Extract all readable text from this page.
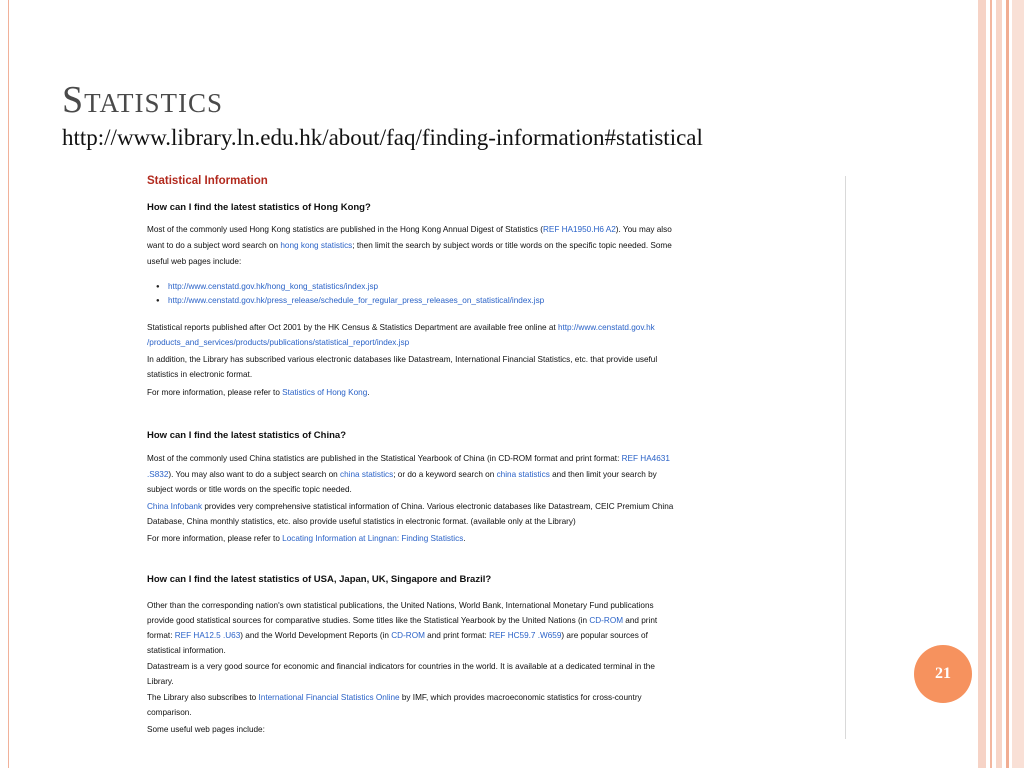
Statistics
http://www.library.ln.edu.hk/about/faq/finding-information#statistical
Statistical Information
How can I find the latest statistics of Hong Kong?
Most of the commonly used Hong Kong statistics are published in the Hong Kong Annual Digest of Statistics (REF HA1950.H6 A2). You may also
want to do a subject word search on hong kong statistics; then limit the search by subject words or title words on the specific topic needed. Some
useful web pages include:
● http://www.censtatd.gov.hk/hong_kong_statistics/index.jsp
● http://www.censtatd.gov.hk/press_release/schedule_for_regular_press_releases_on_statistical/index.jsp
Statistical reports published after Oct 2001 by the HK Census & Statistics Department are available free online at http://www.censtatd.gov.hk
/products_and_services/products/publications/statistical_report/index.jsp
In addition, the Library has subscribed various electronic databases like Datastream, International Financial Statistics, etc. that provide useful
statistics in electronic format.
For more information, please refer to Statistics of Hong Kong.
How can I find the latest statistics of China?
Most of the commonly used China statistics are published in the Statistical Yearbook of China (in CD-ROM format and print format: REF HA4631
.S832). You may also want to do a subject search on china statistics; or do a keyword search on china statistics and then limit your search by
subject words or title words on the specific topic needed.
China Infobank provides very comprehensive statistical information of China. Various electronic databases like Datastream, CEIC Premium China
Database, China monthly statistics, etc. also provide useful statistics in electronic format. (available only at the Library)
For more information, please refer to Locating Information at Lingnan: Finding Statistics.
How can I find the latest statistics of USA, Japan, UK, Singapore and Brazil?
Other than the corresponding nation's own statistical publications, the United Nations, World Bank, International Monetary Fund publications
provide good statistical sources for comparative studies. Some titles like the Statistical Yearbook by the United Nations (in CD-ROM and print
format: REF HA12.5 .U63) and the World Development Reports (in CD-ROM and print format: REF HC59.7 .W659) are popular sources of
statistical information.
Datastream is a very good source for economic and financial indicators for countries in the world. It is available at a dedicated terminal in the
Library.
The Library also subscribes to International Financial Statistics Online by IMF, which provides macroeconomic statistics for cross-country
comparison.
Some useful web pages include:
21
